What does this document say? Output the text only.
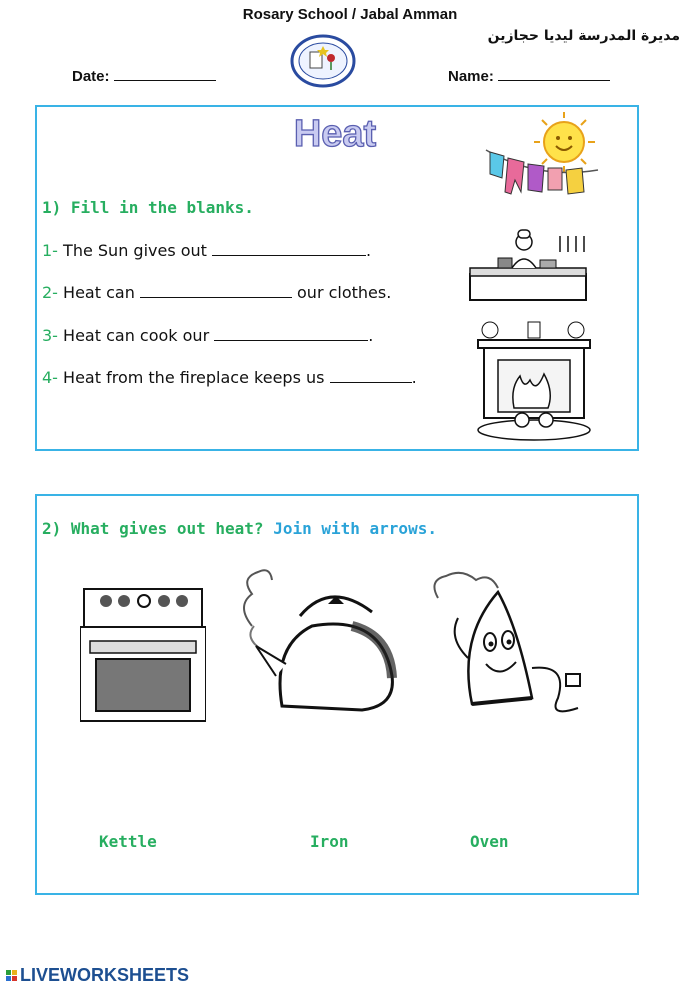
Rosary School / Jabal Amman
مديرة المدرسة ليديا حجازين
Date:	Name:
Heat
1) Fill in the blanks.
1- The Sun gives out	.
2- Heat can	our clothes.
3- Heat can cook our	.
4- Heat from the fireplace keeps us	.
2) What gives out heat? Join with arrows.
Kettle	Iron	Oven
LIVEWORKSHEETS
